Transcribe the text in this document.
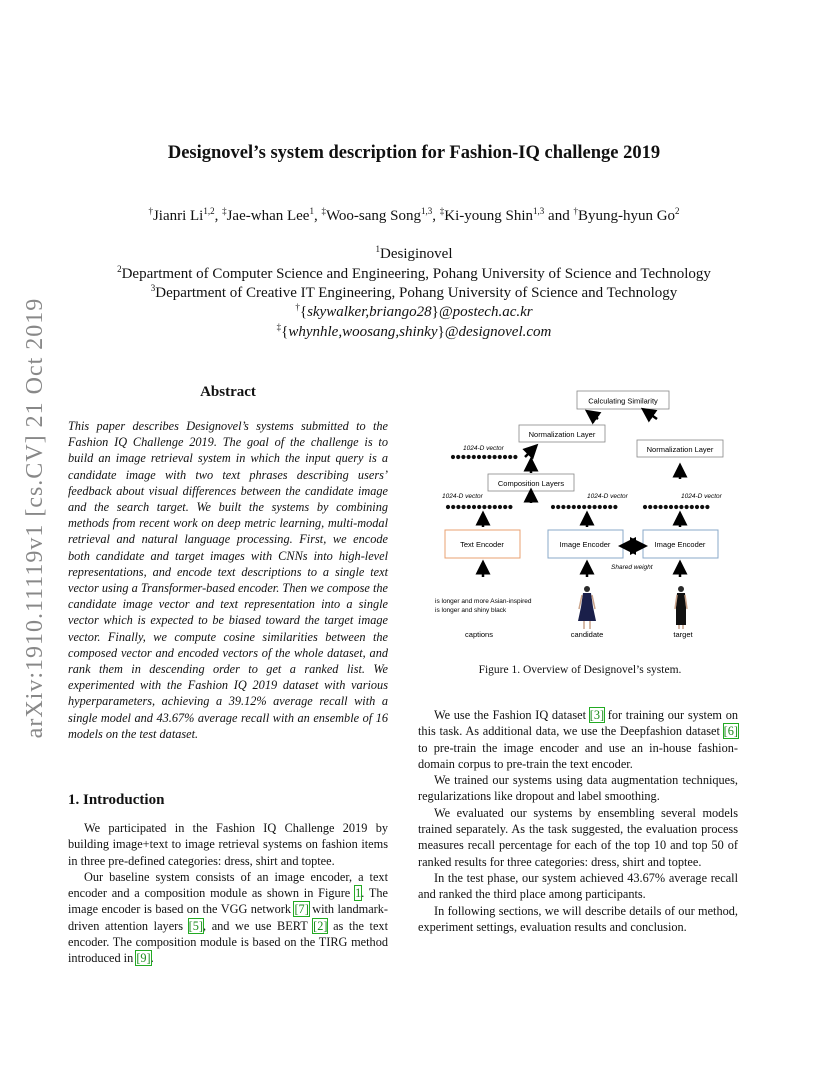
arXiv:1910.11119v1 [cs.CV] 21 Oct 2019
Designovel’s system description for Fashion-IQ challenge 2019
†Jianri Li$^{1,2}$, ‡Jae-whan Lee$^1$, ‡Woo-sang Song$^{1,3}$, ‡Ki-young Shin$^{1,3}$ and †Byung-hyun Go$^2$
$^1$Desiginovel
$^2$Department of Computer Science and Engineering, Pohang University of Science and Technology
$^3$Department of Creative IT Engineering, Pohang University of Science and Technology
†{skywalker,briango28}@postech.ac.kr
‡{whynhle,woosang,shinky}@designovel.com
Abstract
This paper describes Designovel’s systems submitted to the Fashion IQ Challenge 2019. The goal of the challenge is to build an image retrieval system in which the input query is a candidate image with two text phrases describing users’ feedback about visual differences between the candidate image and the search target. We built the systems by combining methods from recent work on deep metric learning, multi-modal retrieval and natural language processing. First, we encode both candidate and target images with CNNs into high-level representations, and encode text descriptions to a single text vector using a Transformer-based encoder. Then we compose the candidate image vector and text representation into a single vector which is expected to be biased toward the target image vector. Finally, we compute cosine similarities between the composed vector and encoded vectors of the whole dataset, and rank them in descending order to get a ranked list. We experimented with the Fashion IQ 2019 dataset with various hyperparameters, achieving a 39.12% average recall with a single model and 43.67% average recall with an ensemble of 16 models on the test dataset.
1. Introduction

We participated in the Fashion IQ Challenge 2019 by building image+text to image retrieval systems on fashion items in three pre-defined categories: dress, shirt and toptee.

Our baseline system consists of an image encoder, a text encoder and a composition module as shown in Figure 1. The image encoder is based on the VGG network [7] with landmark-driven attention layers [5], and we use BERT [2] as the text encoder. The composition module is based on the TIRG method introduced in [9].

Calculating Similarity
Normalization Layer
Normalization Layer
1024-D vector
Composition Layers
1024-D vector	1024-D vector	1024-D vector
Text Encoder	Image Encoder	Image Encoder
Shared weight
is longer and more Asian-inspired
is longer and shiny black
captions	candidate	target
Figure 1. Overview of Designovel’s system.

We use the Fashion IQ dataset [3] for training our system on this task. As additional data, we use the Deepfashion dataset [6] to pre-train the image encoder and use an in-house fashion-domain corpus to pre-train the text encoder.

We trained our systems using data augmentation techniques, regularizations like dropout and label smoothing.

We evaluated our systems by ensembling several models trained separately. As the task suggested, the evaluation process measures recall percentage for each of the top 10 and top 50 of ranked results for three categories: dress, shirt and toptee.

In the test phase, our system achieved 43.67% average recall and ranked the third place among participants.

In following sections, we will describe details of our method, experiment settings, evaluation results and conclusion.
